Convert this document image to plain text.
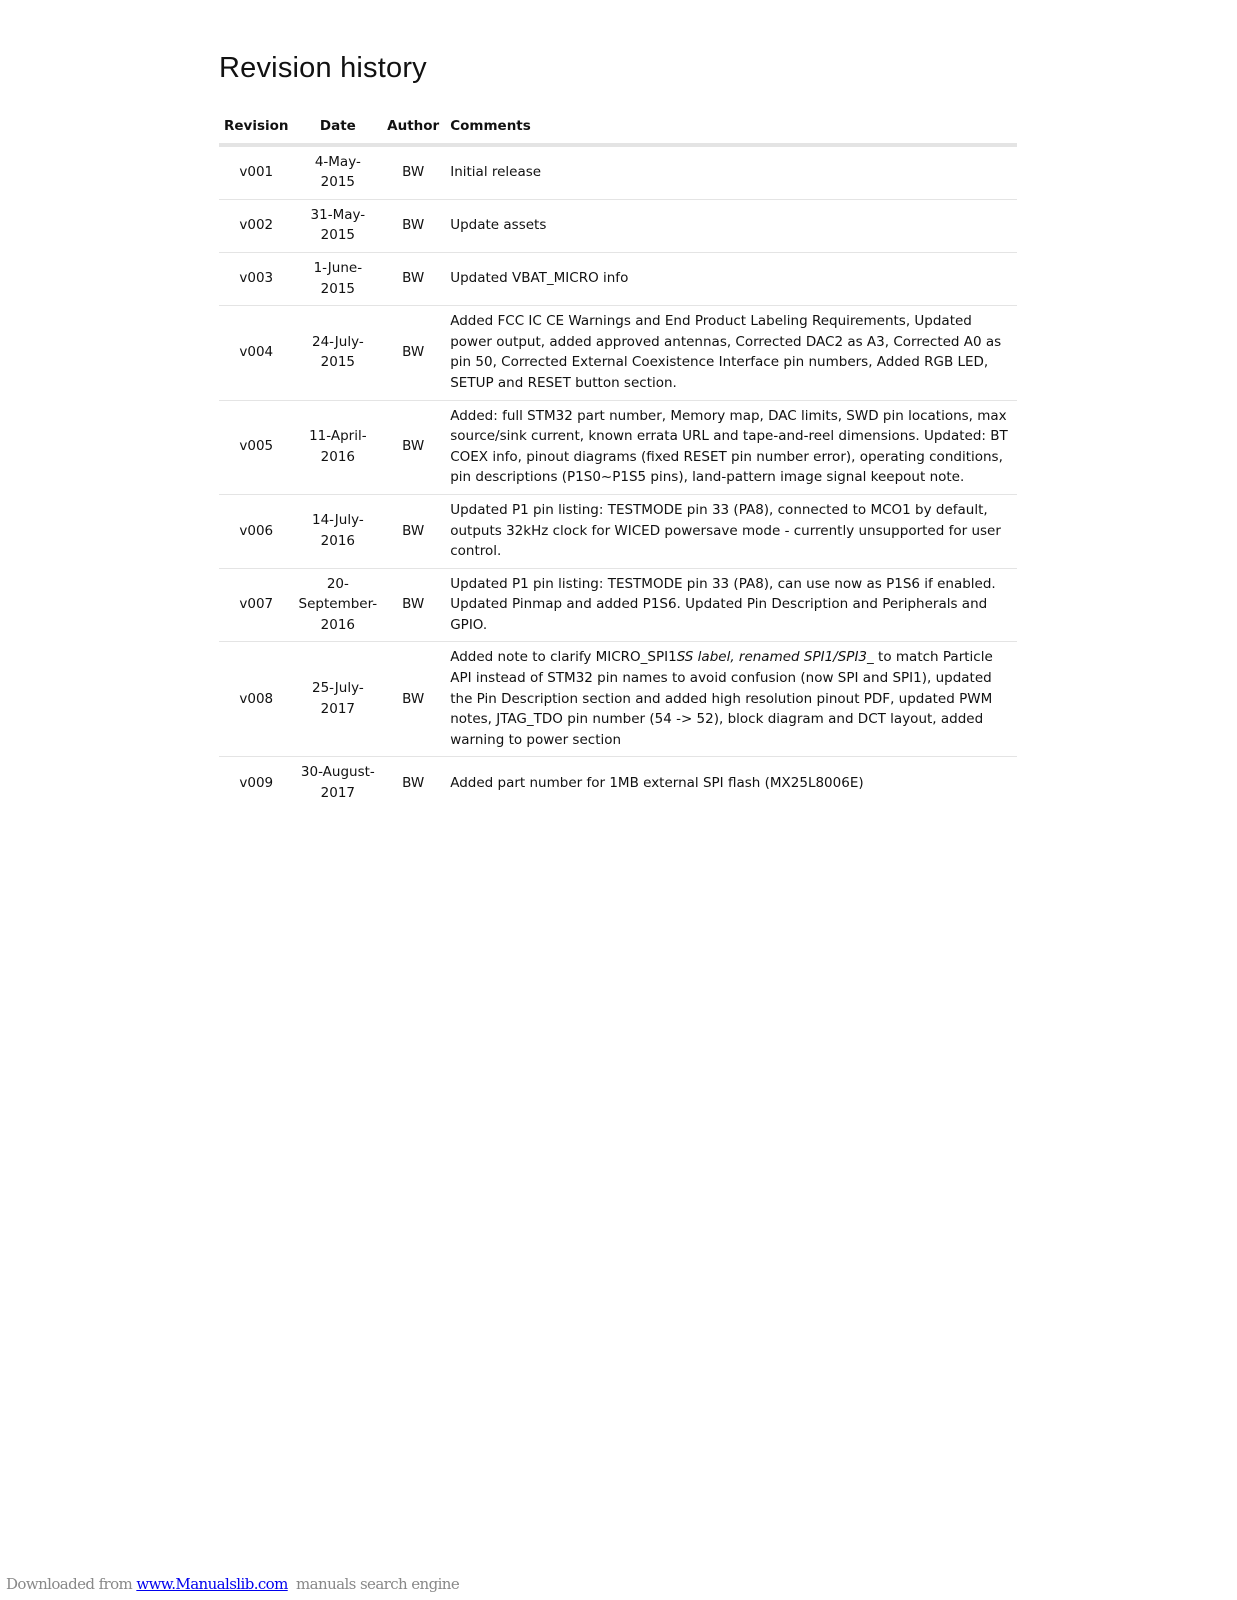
Revision history
Revision	Date	Author	Comments
v001	4-May-2015	BW	Initial release
v002	31-May-2015	BW	Update assets
v003	1-June-2015	BW	Updated VBAT_MICRO info
v004	24-July-2015	BW	Added FCC IC CE Warnings and End Product Labeling Requirements, Updated power output, added approved antennas, Corrected DAC2 as A3, Corrected A0 as pin 50, Corrected External Coexistence Interface pin numbers, Added RGB LED, SETUP and RESET button section.
v005	11-April-2016	BW	Added: full STM32 part number, Memory map, DAC limits, SWD pin locations, max source/sink current, known errata URL and tape-and-reel dimensions. Updated: BT COEX info, pinout diagrams (fixed RESET pin number error), operating conditions, pin descriptions (P1S0~P1S5 pins), land-pattern image signal keepout note.
v006	14-July-2016	BW	Updated P1 pin listing: TESTMODE pin 33 (PA8), connected to MCO1 by default, outputs 32kHz clock for WICED powersave mode - currently unsupported for user control.
v007	20-September-2016	BW	Updated P1 pin listing: TESTMODE pin 33 (PA8), can use now as P1S6 if enabled. Updated Pinmap and added P1S6. Updated Pin Description and Peripherals and GPIO.
v008	25-July-2017	BW	Added note to clarify MICRO_SPI1SS label, renamed SPI1/SPI3_ to match Particle API instead of STM32 pin names to avoid confusion (now SPI and SPI1), updated the Pin Description section and added high resolution pinout PDF, updated PWM notes, JTAG_TDO pin number (54 -> 52), block diagram and DCT layout, added warning to power section
v009	30-August-2017	BW	Added part number for 1MB external SPI flash (MX25L8006E)
Downloaded from www.Manualslib.com  manuals search engine
